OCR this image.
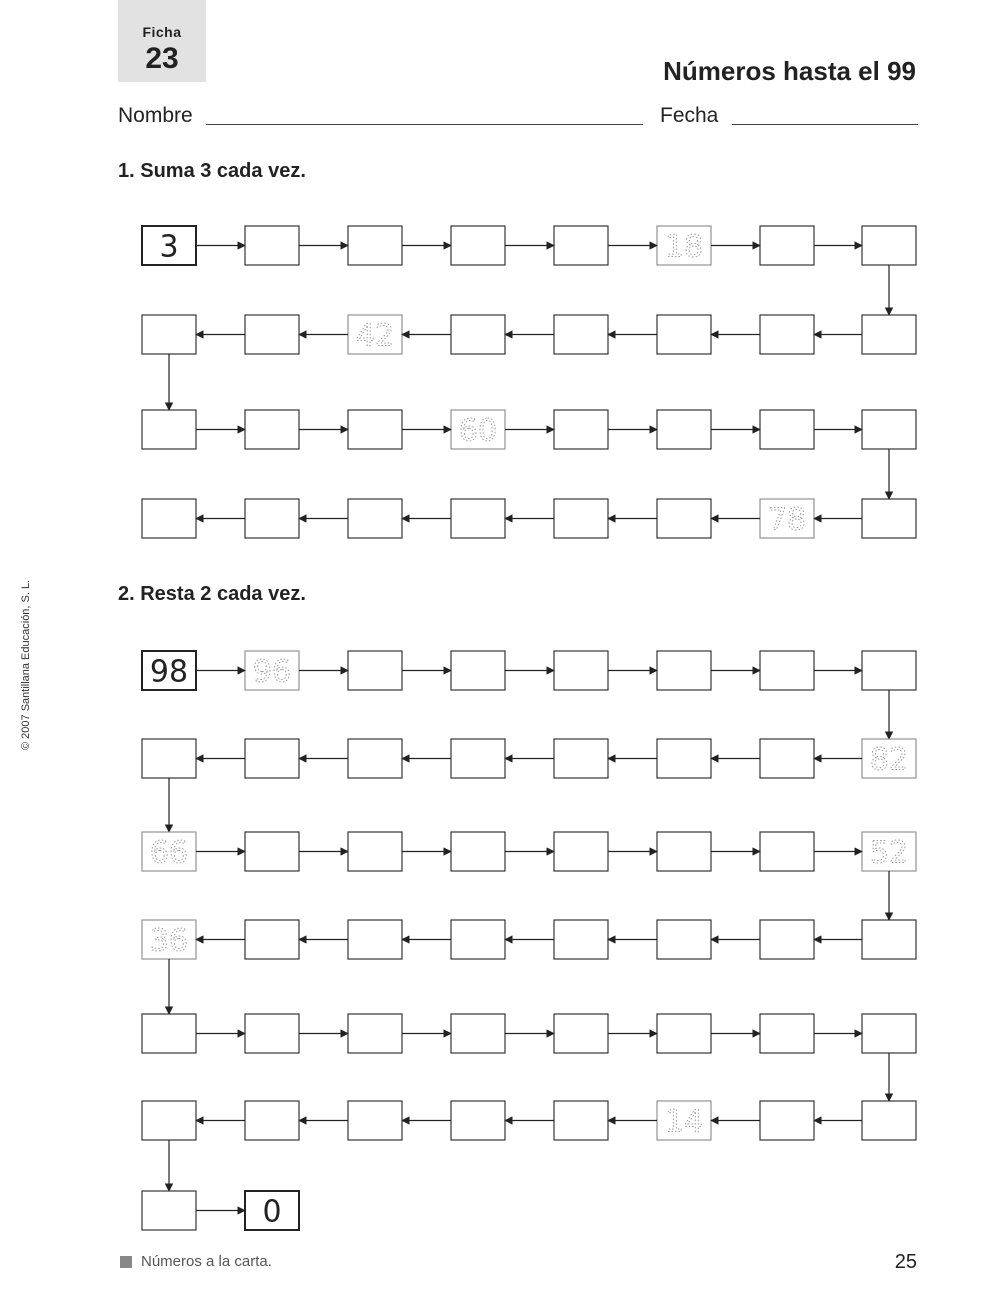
Ficha
23	Números hasta el 99
Nombre	Fecha
1. Suma 3 cada vez.
2. Resta 2 cada vez.
© 2007 Santillana Educación, S. L.
Números a la carta.	25
3	18
42
60
78
98 96
82
66	52
36
14
0
